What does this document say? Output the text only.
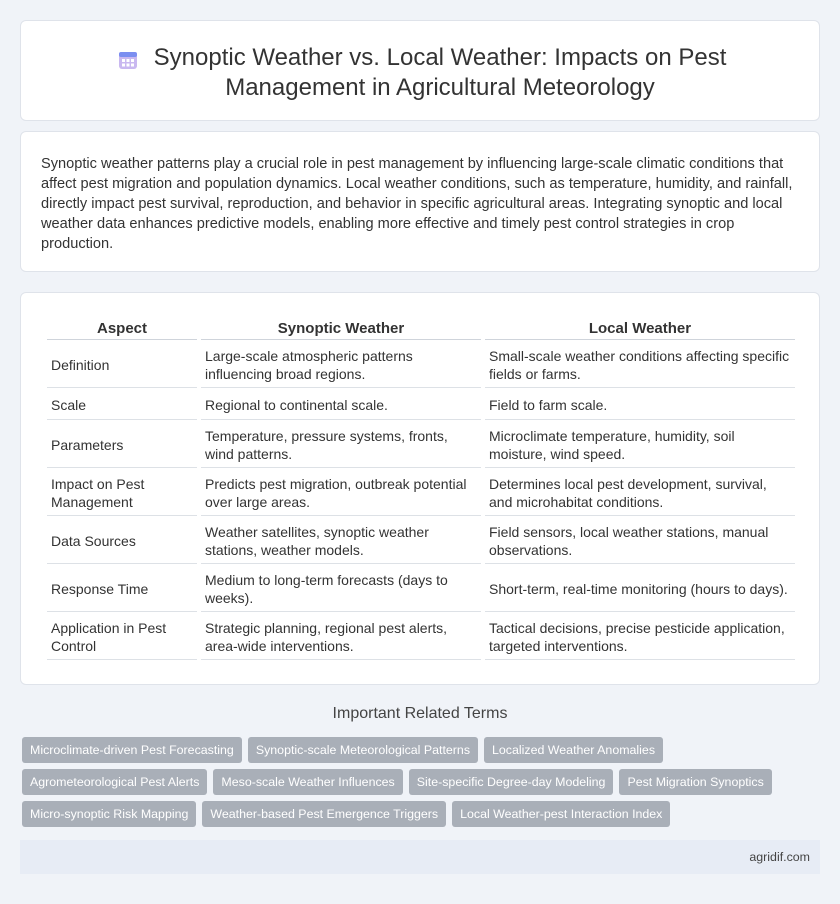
Synoptic Weather vs. Local Weather: Impacts on Pest Management in Agricultural Meteorology

Synoptic weather patterns play a crucial role in pest management by influencing large-scale climatic conditions that affect pest migration and population dynamics. Local weather conditions, such as temperature, humidity, and rainfall, directly impact pest survival, reproduction, and behavior in specific agricultural areas. Integrating synoptic and local weather data enhances predictive models, enabling more effective and timely pest control strategies in crop production.

Aspect	Synoptic Weather	Local Weather
Definition	Large-scale atmospheric patterns influencing broad regions.	Small-scale weather conditions affecting specific fields or farms.
Scale	Regional to continental scale.	Field to farm scale.
Parameters	Temperature, pressure systems, fronts, wind patterns.	Microclimate temperature, humidity, soil moisture, wind speed.
Impact on Pest Management	Predicts pest migration, outbreak potential over large areas.	Determines local pest development, survival, and microhabitat conditions.
Data Sources	Weather satellites, synoptic weather stations, weather models.	Field sensors, local weather stations, manual observations.
Response Time	Medium to long-term forecasts (days to weeks).	Short-term, real-time monitoring (hours to days).
Application in Pest Control	Strategic planning, regional pest alerts, area-wide interventions.	Tactical decisions, precise pesticide application, targeted interventions.
Important Related Terms
Microclimate-driven Pest Forecasting	Synoptic-scale Meteorological Patterns	Localized Weather Anomalies
Agrometeorological Pest Alerts	Meso-scale Weather Influences	Site-specific Degree-day Modeling	Pest Migration Synoptics
Micro-synoptic Risk Mapping	Weather-based Pest Emergence Triggers	Local Weather-pest Interaction Index
agridif.com
